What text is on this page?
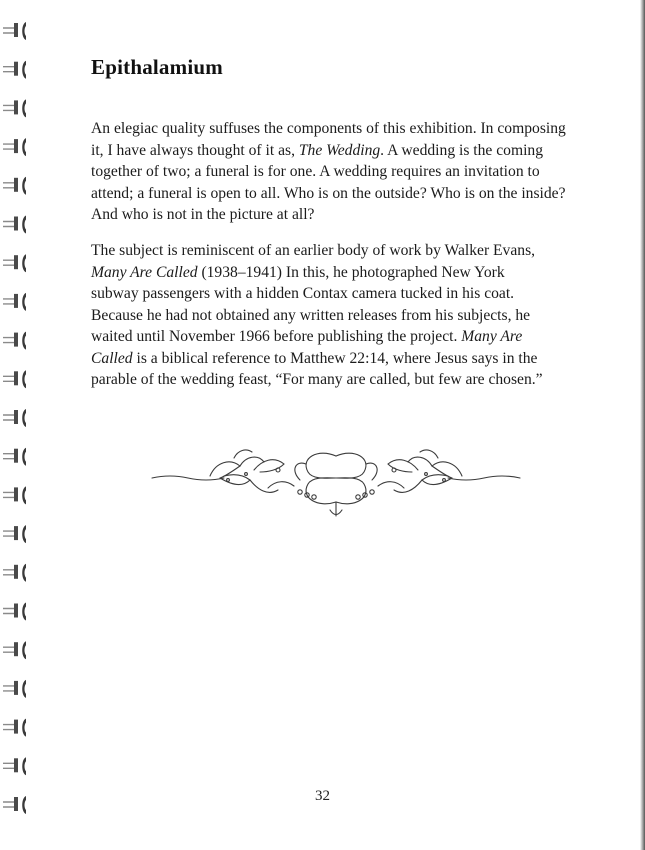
Epithalamium

An elegiac quality suffuses the components of this exhibition. In composing
it, I have always thought of it as, The Wedding. A wedding is the coming
together of two; a funeral is for one. A wedding requires an invitation to
attend; a funeral is open to all. Who is on the outside? Who is on the inside?
And who is not in the picture at all?

The subject is reminiscent of an earlier body of work by Walker Evans,
Many Are Called (1938–1941) In this, he photographed New York
subway passengers with a hidden Contax camera tucked in his coat.
Because he had not obtained any written releases from his subjects, he
waited until November 1966 before publishing the project. Many Are
Called is a biblical reference to Matthew 22:14, where Jesus says in the
parable of the wedding feast, “For many are called, but few are chosen.”

32
